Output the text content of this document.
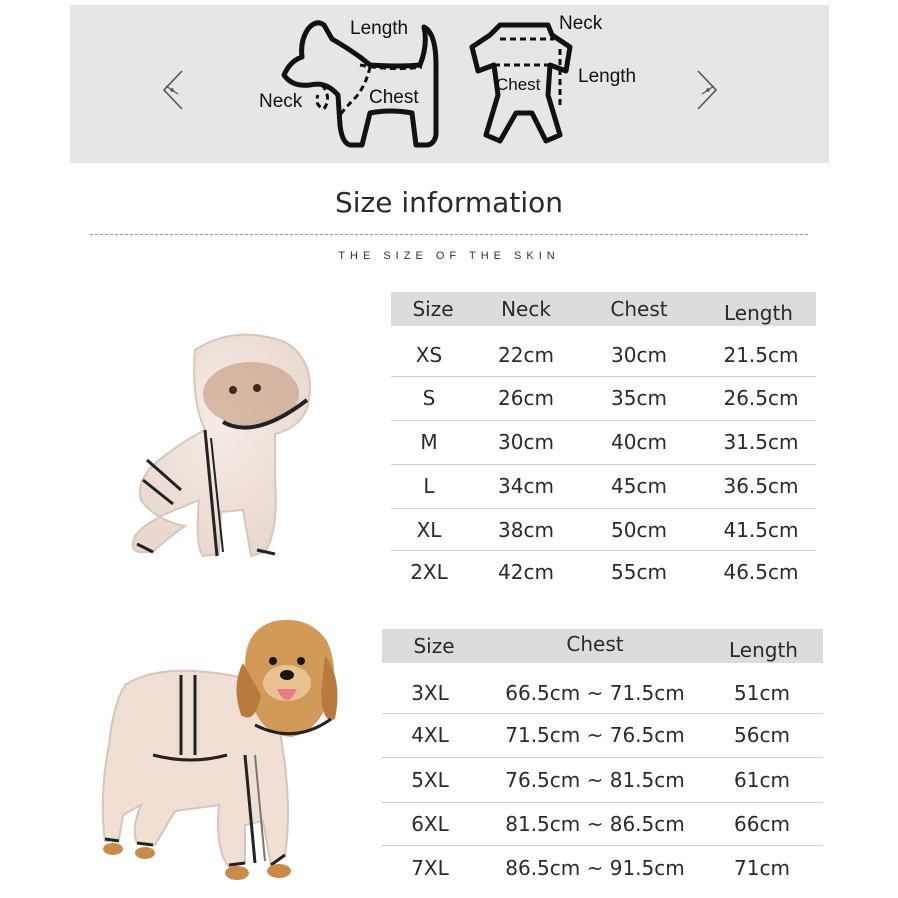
Length
Neck	Chest
Neck
Chest Length
Size information
THE SIZE OF THE SKIN
Size	Neck	Chest	Length
XS	22cm	30cm	21.5cm
S	26cm	35cm	26.5cm
M	30cm	40cm	31.5cm
L	34cm	45cm	36.5cm
XL	38cm	50cm	41.5cm
2XL	42cm	55cm	46.5cm
Size	Chest	Length
3XL	66.5cm ~ 71.5cm	51cm
4XL	71.5cm ~ 76.5cm	56cm
5XL	76.5cm ~ 81.5cm	61cm
6XL	81.5cm ~ 86.5cm	66cm
7XL	86.5cm ~ 91.5cm	71cm
